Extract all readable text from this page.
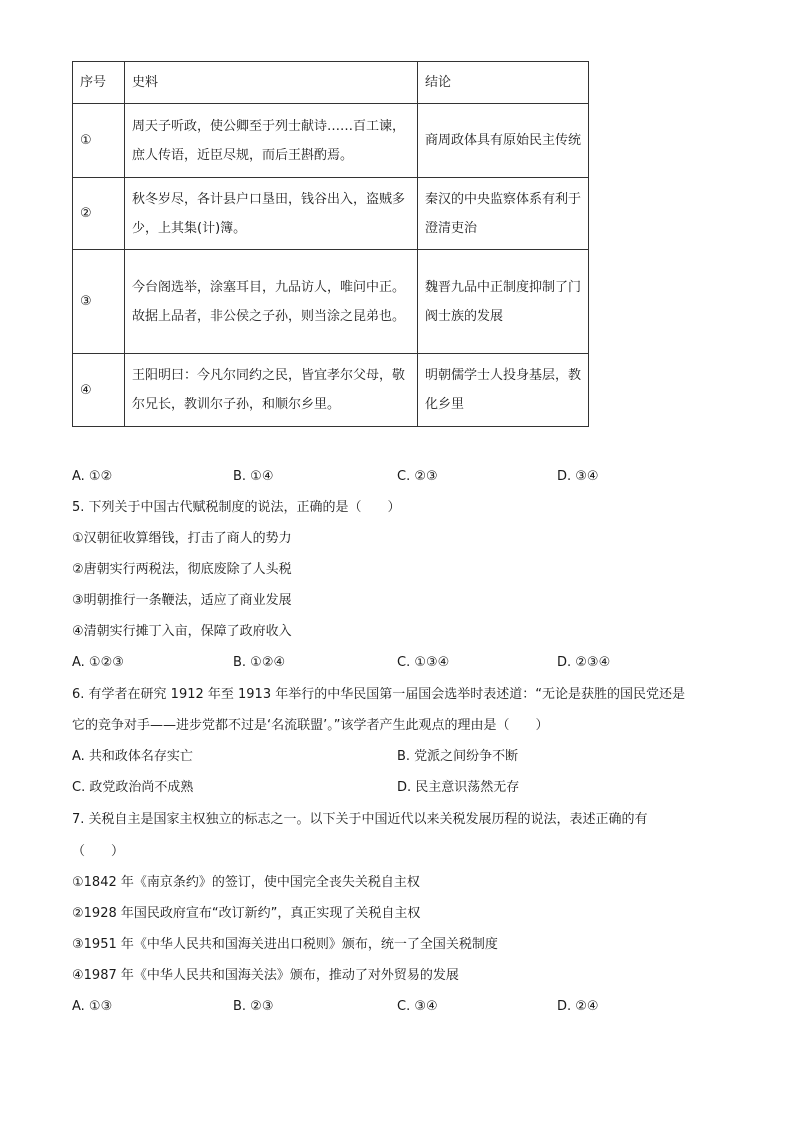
序号	史料	结论
①	周天子听政，使公卿至于列士献诗……百工谏，庶人传语，近臣尽规，而后王斟酌焉。	商周政体具有原始民主传统
②	秋冬岁尽，各计县户口垦田，钱谷出入，盗贼多少，上其集(计)簿。	秦汉的中央监察体系有利于澄清吏治
③	今台阁选举，涂塞耳目，九品访人，唯问中正。故据上品者，非公侯之子孙，则当涂之昆弟也。	魏晋九品中正制度抑制了门阀士族的发展
④	王阳明曰：今凡尔同约之民，皆宜孝尔父母，敬尔兄长，教训尔子孙，和顺尔乡里。	明朝儒学士人投身基层，教化乡里
A. ①②	B. ①④	C. ②③	D. ③④
5. 下列关于中国古代赋税制度的说法，正确的是（　　）
①汉朝征收算缗钱，打击了商人的势力
②唐朝实行两税法，彻底废除了人头税
③明朝推行一条鞭法，适应了商业发展
④清朝实行摊丁入亩，保障了政府收入
A. ①②③	B. ①②④	C. ①③④	D. ②③④
6. 有学者在研究 1912 年至 1913 年举行的中华民国第一届国会选举时表述道：“无论是获胜的国民党还是
它的竞争对手——进步党都不过是‘名流联盟’。”该学者产生此观点的理由是（　　）
A. 共和政体名存实亡	B. 党派之间纷争不断
C. 政党政治尚不成熟	D. 民主意识荡然无存
7. 关税自主是国家主权独立的标志之一。以下关于中国近代以来关税发展历程的说法，表述正确的有
（　　）
①1842 年《南京条约》的签订，使中国完全丧失关税自主权
②1928 年国民政府宣布“改订新约”，真正实现了关税自主权
③1951 年《中华人民共和国海关进出口税则》颁布，统一了全国关税制度
④1987 年《中华人民共和国海关法》颁布，推动了对外贸易的发展
A. ①③	B. ②③	C. ③④	D. ②④
